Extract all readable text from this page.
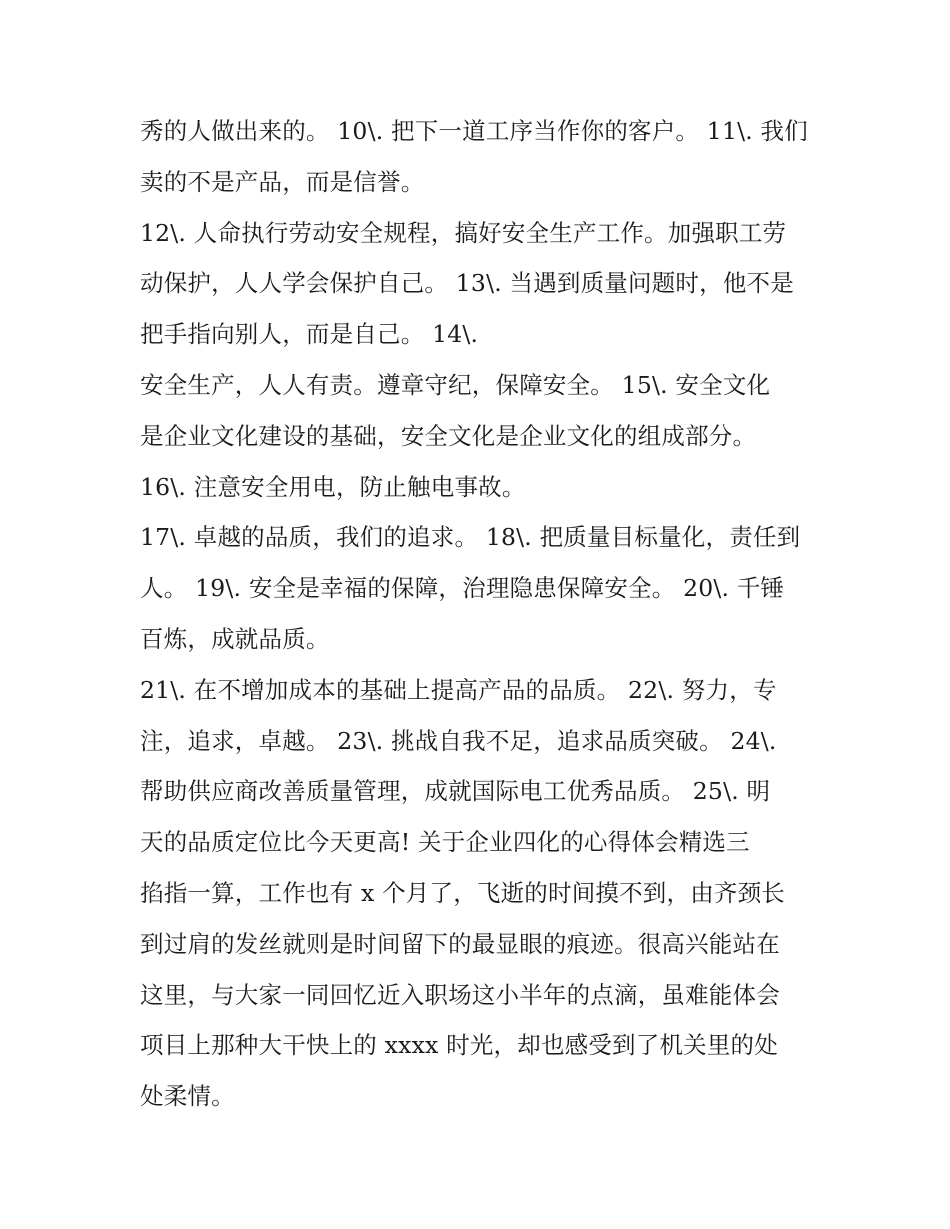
秀的人做出来的。 10\. 把下一道工序当作你的客户。 11\. 我们
卖的不是产品，而是信誉。
12\. 人命执行劳动安全规程，搞好安全生产工作。加强职工劳
动保护，人人学会保护自己。 13\. 当遇到质量问题时，他不是
把手指向别人，而是自己。 14\.
安全生产，人人有责。遵章守纪，保障安全。 15\. 安全文化
是企业文化建设的基础，安全文化是企业文化的组成部分。
16\. 注意安全用电，防止触电事故。
17\. 卓越的品质，我们的追求。 18\. 把质量目标量化，责任到
人。 19\. 安全是幸福的保障，治理隐患保障安全。 20\. 千锤
百炼，成就品质。
21\. 在不增加成本的基础上提高产品的品质。 22\. 努力，专
注，追求，卓越。 23\. 挑战自我不足，追求品质突破。 24\.
帮助供应商改善质量管理，成就国际电工优秀品质。 25\. 明
天的品质定位比今天更高! 关于企业四化的心得体会精选三
掐指一算，工作也有 x 个月了，飞逝的时间摸不到，由齐颈长
到过肩的发丝就则是时间留下的最显眼的痕迹。很高兴能站在
这里，与大家一同回忆近入职场这小半年的点滴，虽难能体会
项目上那种大干快上的 xxxx 时光，却也感受到了机关里的处
处柔情。
